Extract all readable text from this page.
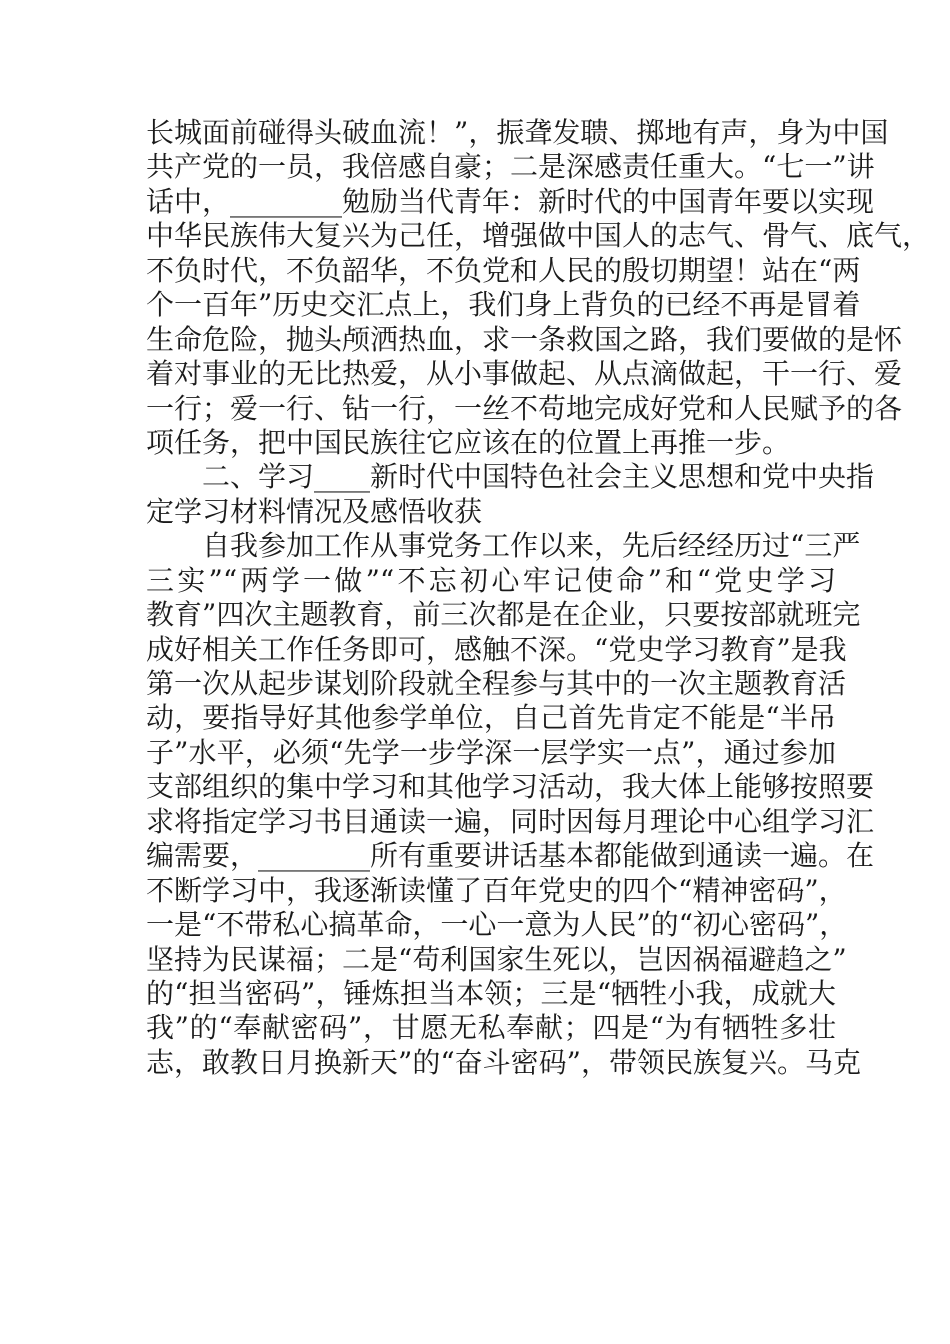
长城面前碰得头破血流！”，振聋发聩、掷地有声，身为中国
共产党的一员，我倍感自豪；二是深感责任重大。“七一”讲
话中，________勉励当代青年：新时代的中国青年要以实现
中华民族伟大复兴为己任，增强做中国人的志气、骨气、底气，
不负时代，不负韶华，不负党和人民的殷切期望！站在“两
个一百年”历史交汇点上，我们身上背负的已经不再是冒着
生命危险，抛头颅洒热血，求一条救国之路，我们要做的是怀
着对事业的无比热爱，从小事做起、从点滴做起，干一行、爱
一行；爱一行、钻一行，一丝不苟地完成好党和人民赋予的各
项任务，把中国民族往它应该在的位置上再推一步。
二、学习____新时代中国特色社会主义思想和党中央指
定学习材料情况及感悟收获
自我参加工作从事党务工作以来，先后经经历过“三严
三实”“两学一做”“不忘初心牢记使命”和“党史学习
教育”四次主题教育，前三次都是在企业，只要按部就班完
成好相关工作任务即可，感触不深。“党史学习教育”是我
第一次从起步谋划阶段就全程参与其中的一次主题教育活
动，要指导好其他参学单位，自己首先肯定不能是“半吊
子”水平，必须“先学一步学深一层学实一点”，通过参加
支部组织的集中学习和其他学习活动，我大体上能够按照要
求将指定学习书目通读一遍，同时因每月理论中心组学习汇
编需要，________所有重要讲话基本都能做到通读一遍。在
不断学习中，我逐渐读懂了百年党史的四个“精神密码”，
一是“不带私心搞革命，一心一意为人民”的“初心密码”，
坚持为民谋福；二是“苟利国家生死以，岂因祸福避趋之”
的“担当密码”，锤炼担当本领；三是“牺牲小我，成就大
我”的“奉献密码”，甘愿无私奉献；四是“为有牺牲多壮
志，敢教日月换新天”的“奋斗密码”，带领民族复兴。马克
